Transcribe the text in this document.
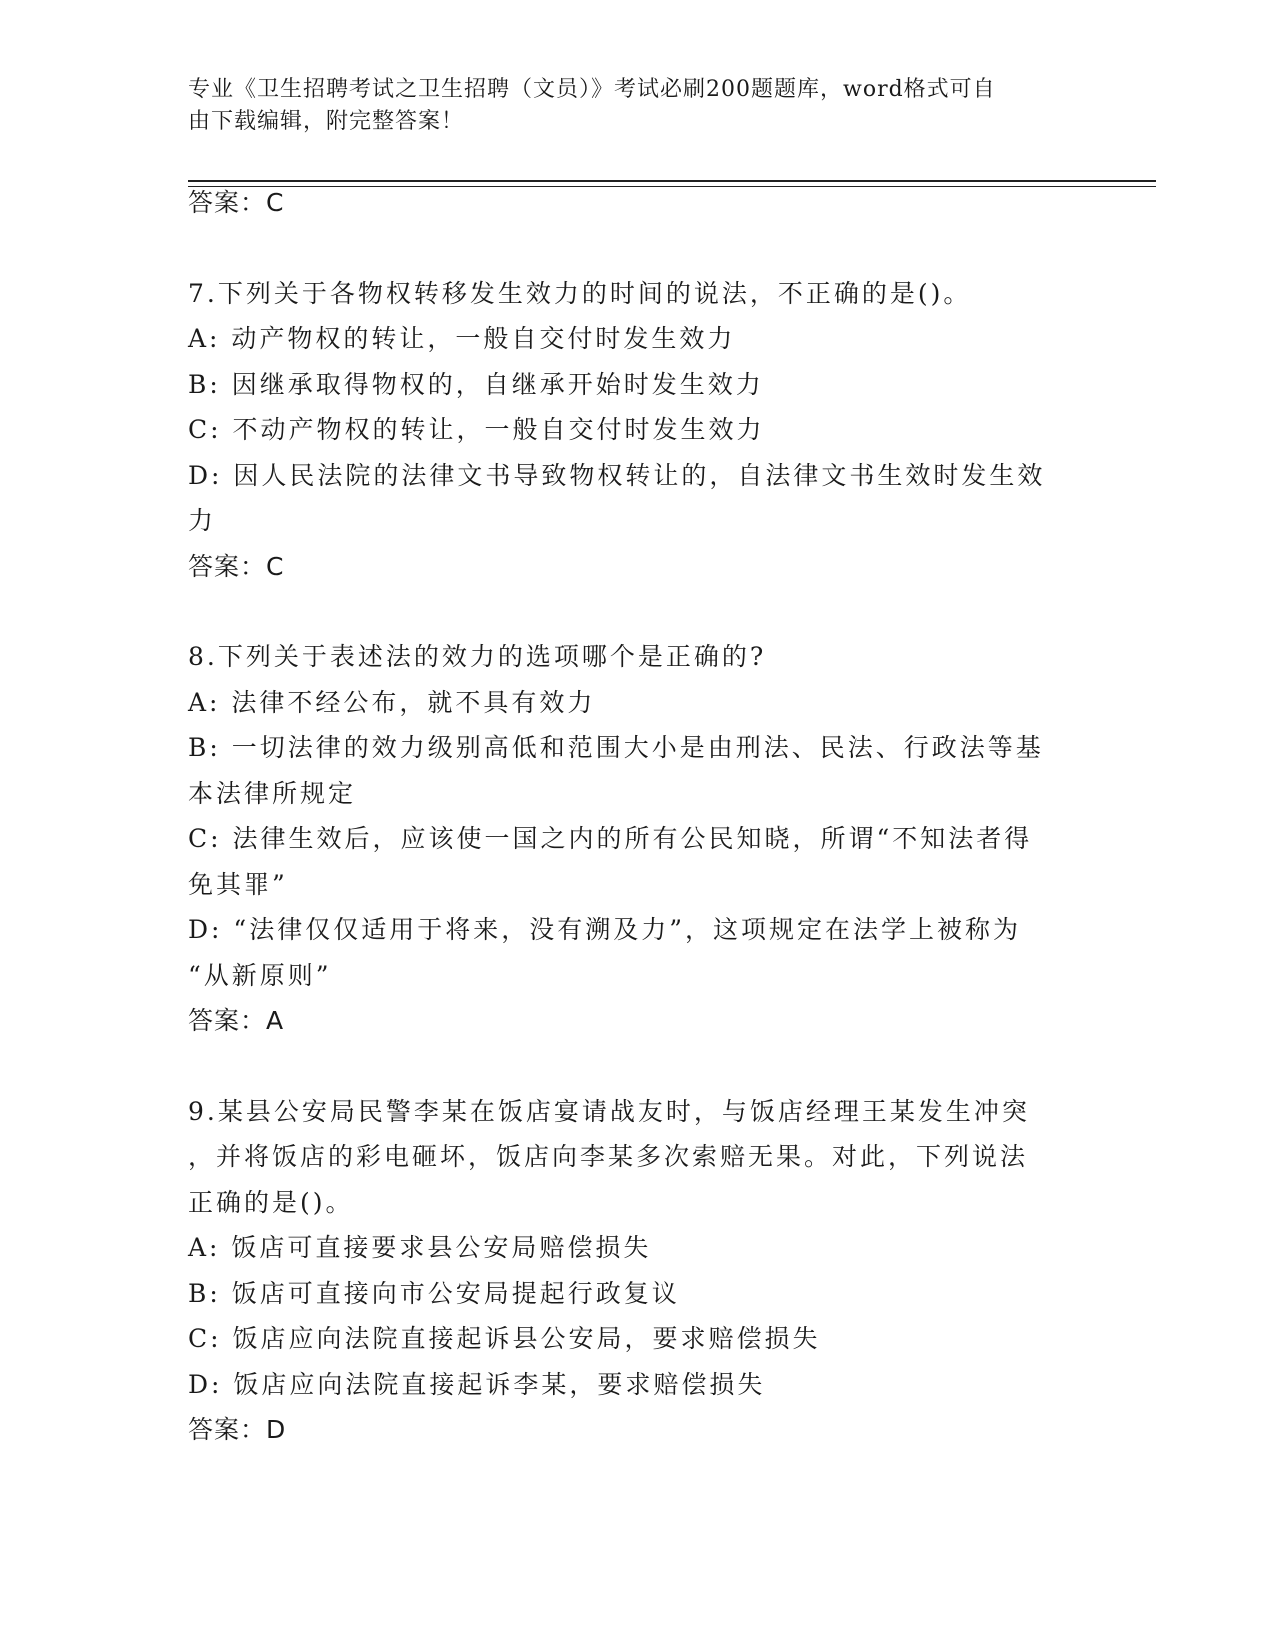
专业《卫生招聘考试之卫生招聘（文员）》考试必刷200题题库，word格式可自
由下载编辑，附完整答案！
答案：C
7.下列关于各物权转移发生效力的时间的说法，不正确的是()。
A: 动产物权的转让，一般自交付时发生效力
B: 因继承取得物权的，自继承开始时发生效力
C: 不动产物权的转让，一般自交付时发生效力
D: 因人民法院的法律文书导致物权转让的，自法律文书生效时发生效
力
答案：C
8.下列关于表述法的效力的选项哪个是正确的?
A: 法律不经公布，就不具有效力
B: 一切法律的效力级别高低和范围大小是由刑法、民法、行政法等基
本法律所规定
C: 法律生效后，应该使一国之内的所有公民知晓，所谓“不知法者得
免其罪”
D: “法律仅仅适用于将来，没有溯及力”，这项规定在法学上被称为
“从新原则”
答案：A
9.某县公安局民警李某在饭店宴请战友时，与饭店经理王某发生冲突
，并将饭店的彩电砸坏，饭店向李某多次索赔无果。对此，下列说法
正确的是()。
A: 饭店可直接要求县公安局赔偿损失
B: 饭店可直接向市公安局提起行政复议
C: 饭店应向法院直接起诉县公安局，要求赔偿损失
D: 饭店应向法院直接起诉李某，要求赔偿损失
答案：D
